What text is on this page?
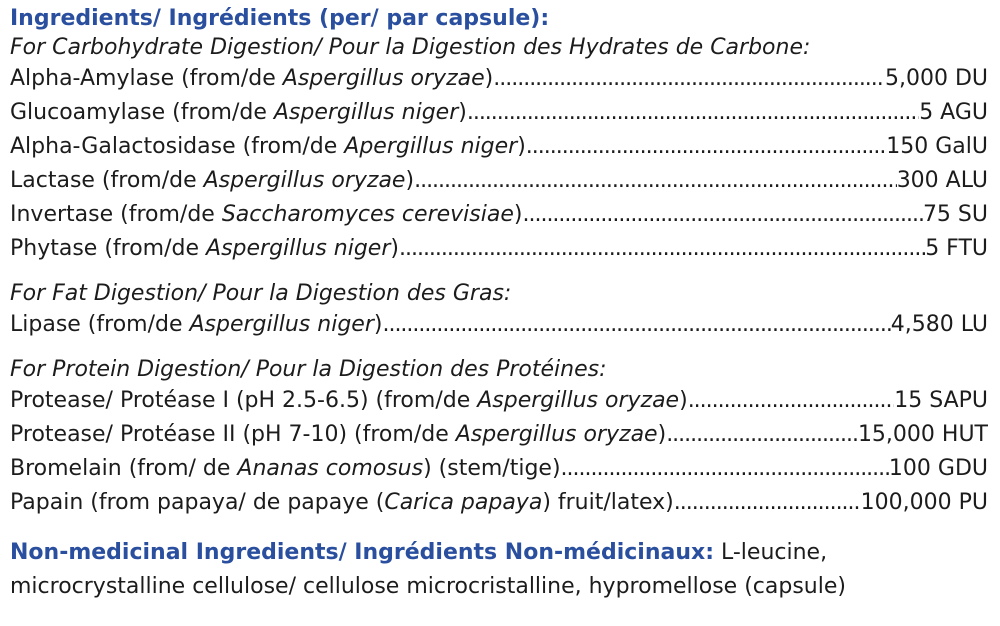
Ingredients/ Ingrédients (per/ par capsule):
For Carbohydrate Digestion/ Pour la Digestion des Hydrates de Carbone:
Alpha-Amylase (from/de Aspergillus oryzae) .....	5,000 DU
Glucoamylase (from/de Aspergillus niger) .....	5 AGU
Alpha-Galactosidase (from/de Apergillus niger) .....	150 GalU
Lactase (from/de Aspergillus oryzae) .....	300 ALU
Invertase (from/de Saccharomyces cerevisiae) .....	75 SU
Phytase (from/de Aspergillus niger) .....	5 FTU
For Fat Digestion/ Pour la Digestion des Gras:
Lipase (from/de Aspergillus niger) .....	4,580 LU
For Protein Digestion/ Pour la Digestion des Protéines:
Protease/ Protéase I (pH 2.5-6.5) (from/de Aspergillus oryzae) .....	15 SAPU
Protease/ Protéase II (pH 7-10) (from/de Aspergillus oryzae) .....	15,000 HUT
Bromelain (from/ de Ananas comosus) (stem/tige) .....	100 GDU
Papain (from papaya/ de papaye (Carica papaya) fruit/latex) .....	100,000 PU
Non-medicinal Ingredients/ Ingrédients Non-médicinaux: L-leucine,
microcrystalline cellulose/ cellulose microcristalline, hypromellose (capsule)
